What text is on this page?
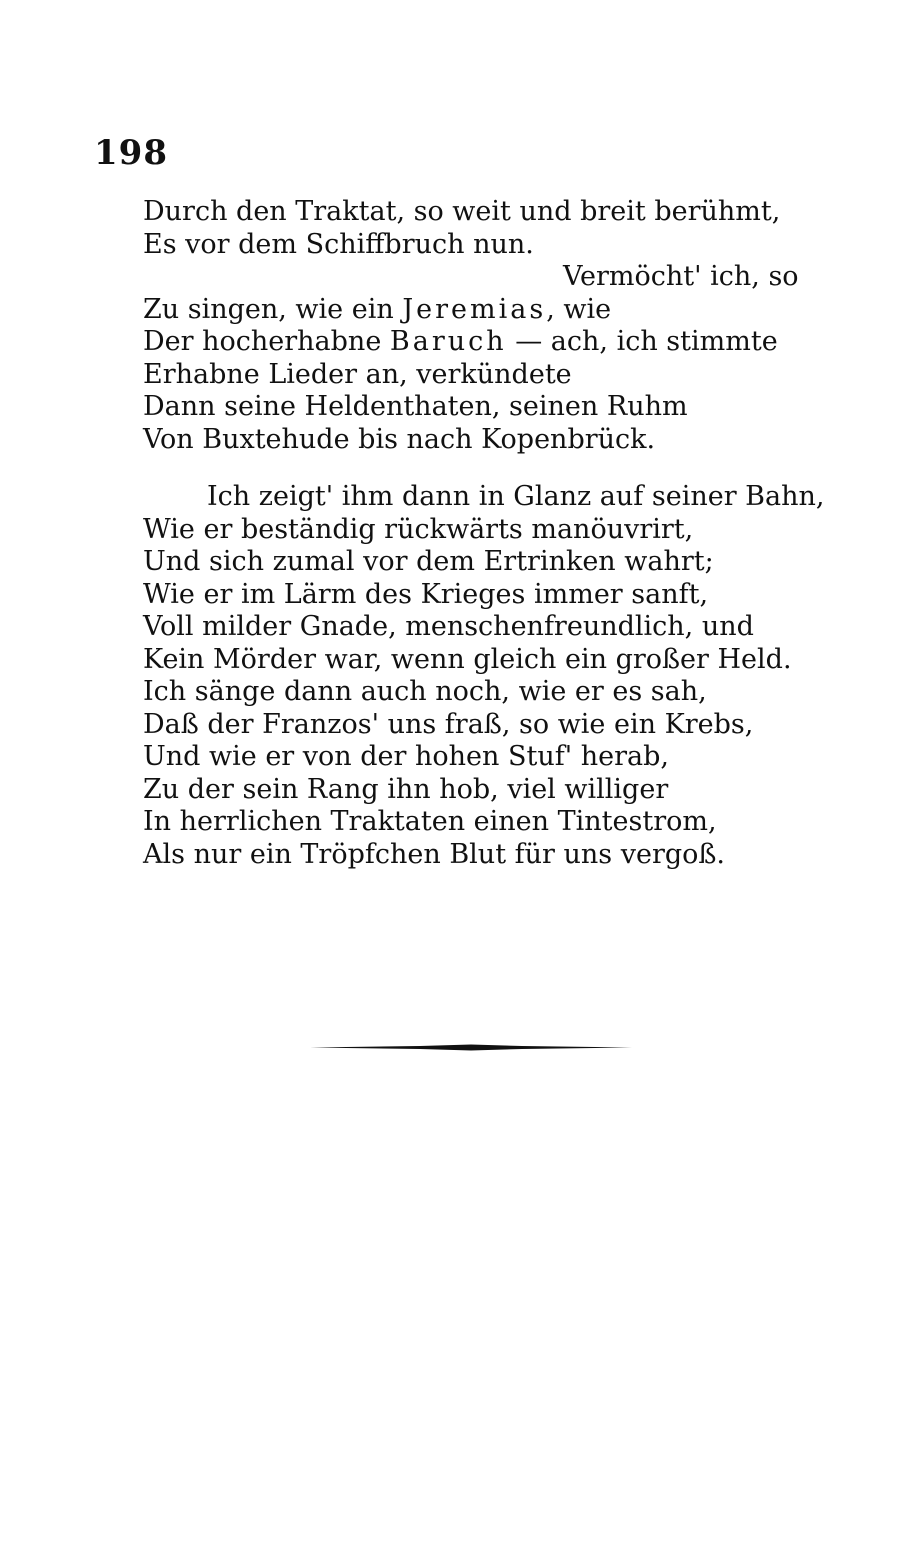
198
Durch den Traktat, so weit und breit berühmt,
Es vor dem Schiffbruch nun.
Vermöcht' ich, so
Zu singen, wie ein Jeremias, wie
Der hocherhabne Baruch — ach, ich stimmte
Erhabne Lieder an, verkündete
Dann seine Heldenthaten, seinen Ruhm
Von Buxtehude bis nach Kopenbrück.
Ich zeigt' ihm dann in Glanz auf seiner Bahn,
Wie er beständig rückwärts manöuvrirt,
Und sich zumal vor dem Ertrinken wahrt;
Wie er im Lärm des Krieges immer sanft,
Voll milder Gnade, menschenfreundlich, und
Kein Mörder war, wenn gleich ein großer Held.
Ich sänge dann auch noch, wie er es sah,
Daß der Franzos' uns fraß, so wie ein Krebs,
Und wie er von der hohen Stuf' herab,
Zu der sein Rang ihn hob, viel williger
In herrlichen Traktaten einen Tintestrom,
Als nur ein Tröpfchen Blut für uns vergoß.
